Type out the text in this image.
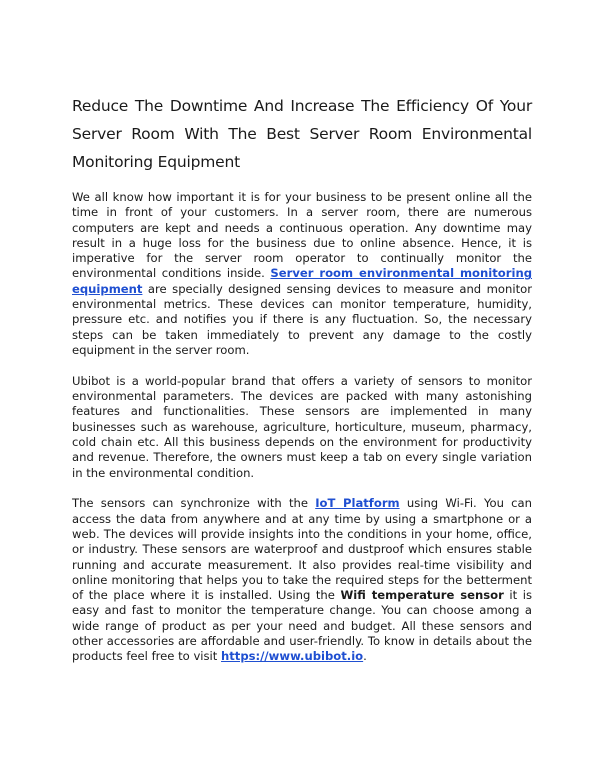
Reduce The Downtime And Increase The Efficiency Of Your Server Room With The Best Server Room Environmental Monitoring Equipment

We all know how important it is for your business to be present online all the time in front of your customers. In a server room, there are numerous computers are kept and needs a continuous operation. Any downtime may result in a huge loss for the business due to online absence. Hence, it is imperative for the server room operator to continually monitor the environmental conditions inside. Server room environmental monitoring equipment are specially designed sensing devices to measure and monitor environmental metrics. These devices can monitor temperature, humidity, pressure etc. and notifies you if there is any fluctuation. So, the necessary steps can be taken immediately to prevent any damage to the costly equipment in the server room.

Ubibot is a world-popular brand that offers a variety of sensors to monitor environmental parameters. The devices are packed with many astonishing features and functionalities. These sensors are implemented in many businesses such as warehouse, agriculture, horticulture, museum, pharmacy, cold chain etc. All this business depends on the environment for productivity and revenue. Therefore, the owners must keep a tab on every single variation in the environmental condition.

The sensors can synchronize with the IoT Platform using Wi-Fi. You can access the data from anywhere and at any time by using a smartphone or a web. The devices will provide insights into the conditions in your home, office, or industry. These sensors are waterproof and dustproof which ensures stable running and accurate measurement. It also provides real-time visibility and online monitoring that helps you to take the required steps for the betterment of the place where it is installed. Using the Wifi temperature sensor it is easy and fast to monitor the temperature change. You can choose among a wide range of product as per your need and budget. All these sensors and other accessories are affordable and user-friendly. To know in details about the products feel free to visit https://www.ubibot.io.
